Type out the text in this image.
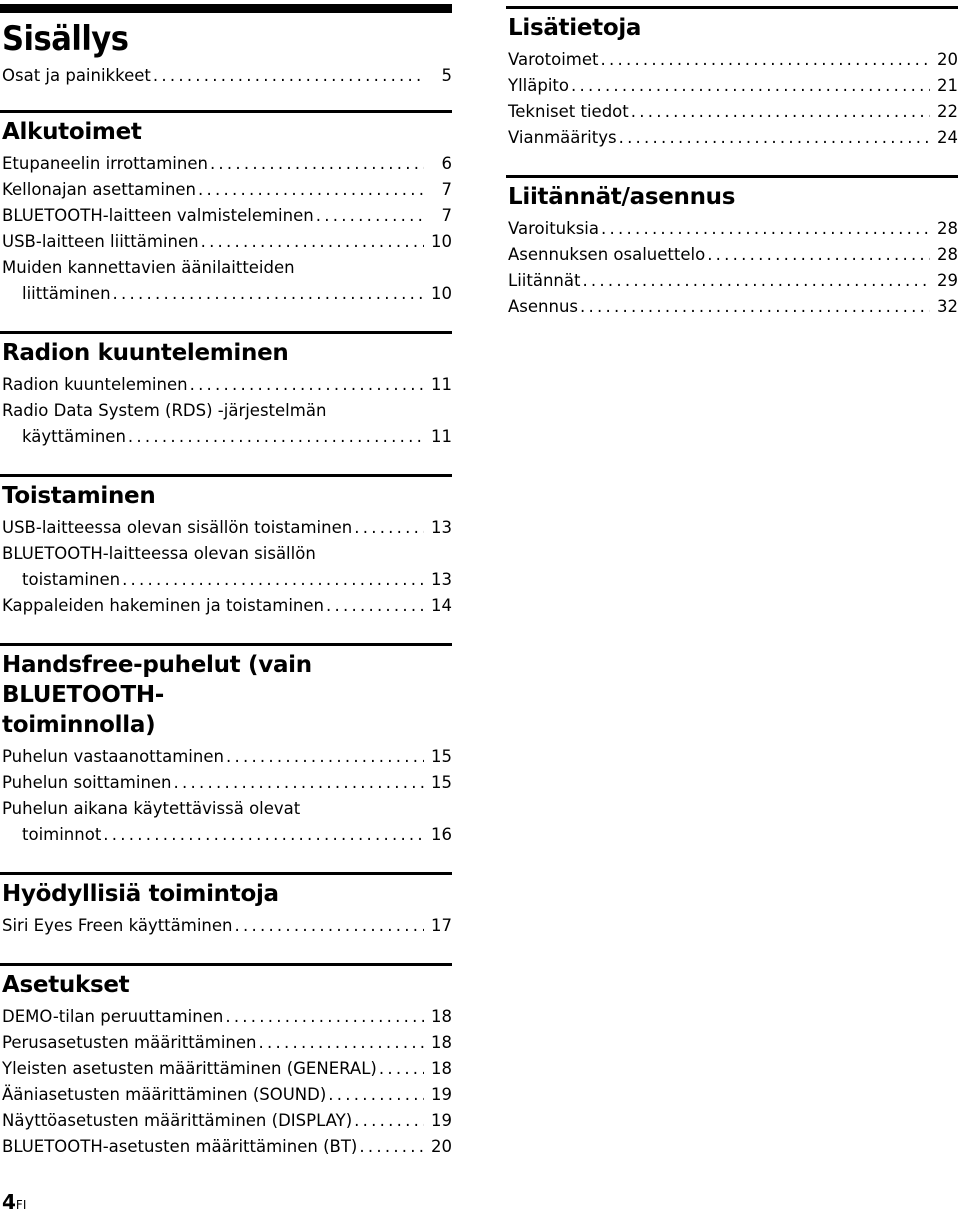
Sisällys
Osat ja painikkeet . . .	5
Alkutoimet
Etupaneelin irrottaminen . . .	6
Kellonajan asettaminen . . .	7
BLUETOOTH-laitteen valmisteleminen . . .	7
USB-laitteen liittäminen . . .	10
Muiden kannettavien äänilaitteiden
liittäminen . . .	10
Radion kuunteleminen
Radion kuunteleminen . . .	11
Radio Data System (RDS) -järjestelmän
käyttäminen . . .	11
Toistaminen
USB-laitteessa olevan sisällön toistaminen . . .	13
BLUETOOTH-laitteessa olevan sisällön
toistaminen . . .	13
Kappaleiden hakeminen ja toistaminen . . .	14
Handsfree-puhelut (vain BLUETOOTH-
toiminnolla)
Puhelun vastaanottaminen . . .	15
Puhelun soittaminen . . .	15
Puhelun aikana käytettävissä olevat
toiminnot . . .	16
Hyödyllisiä toimintoja
Siri Eyes Freen käyttäminen . . .	17
Asetukset
DEMO-tilan peruuttaminen . . .	18
Perusasetusten määrittäminen . . .	18
Yleisten asetusten määrittäminen (GENERAL) . . .	18
Ääniasetusten määrittäminen (SOUND) . . .	19
Näyttöasetusten määrittäminen (DISPLAY) . . .	19
BLUETOOTH-asetusten määrittäminen (BT) . . .	20
Lisätietoja
Varotoimet . . .	20
Ylläpito . . .	21
Tekniset tiedot . . .	22
Vianmääritys . . .	24
Liitännät/asennus
Varoituksia . . .	28
Asennuksen osaluettelo . . .	28
Liitännät . . .	29
Asennus . . .	32
4FI
